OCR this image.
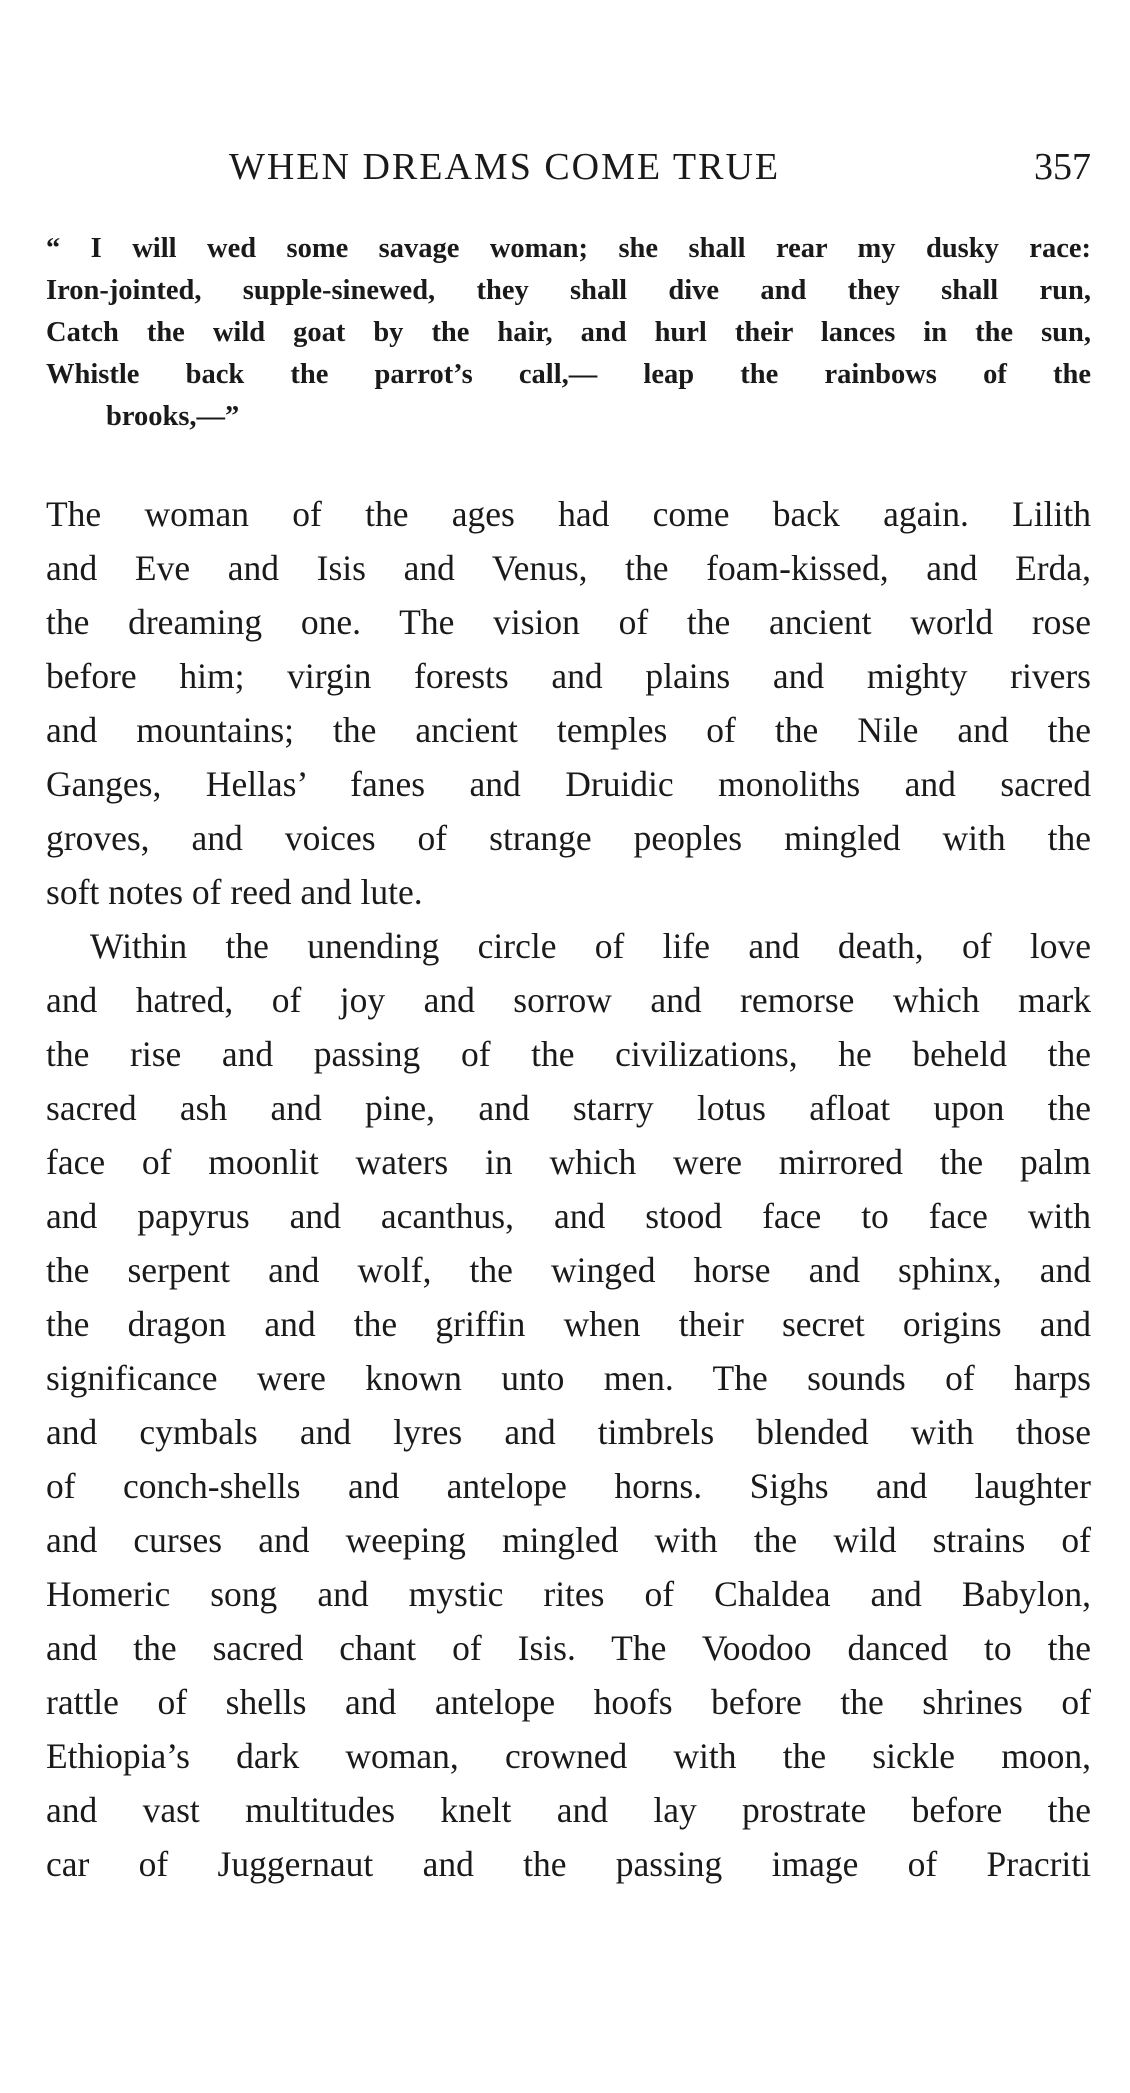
WHEN DREAMS COME TRUE	357
“ I will wed some savage woman; she shall rear my dusky race:
Iron-jointed, supple-sinewed, they shall dive and they shall run,
Catch the wild goat by the hair, and hurl their lances in the sun,
Whistle back the parrot’s call,— leap the rainbows of the
brooks,—”
The woman of the ages had come back again. Lilith
and Eve and Isis and Venus, the foam-kissed, and Erda,
the dreaming one. The vision of the ancient world rose
before him; virgin forests and plains and mighty rivers
and mountains; the ancient temples of the Nile and the
Ganges, Hellas’ fanes and Druidic monoliths and sacred
groves, and voices of strange peoples mingled with the
soft notes of reed and lute.
Within the unending circle of life and death, of love
and hatred, of joy and sorrow and remorse which mark
the rise and passing of the civilizations, he beheld the
sacred ash and pine, and starry lotus afloat upon the
face of moonlit waters in which were mirrored the palm
and papyrus and acanthus, and stood face to face with
the serpent and wolf, the winged horse and sphinx, and
the dragon and the griffin when their secret origins and
significance were known unto men. The sounds of harps
and cymbals and lyres and timbrels blended with those
of conch-shells and antelope horns. Sighs and laughter
and curses and weeping mingled with the wild strains of
Homeric song and mystic rites of Chaldea and Babylon,
and the sacred chant of Isis. The Voodoo danced to the
rattle of shells and antelope hoofs before the shrines of
Ethiopia’s dark woman, crowned with the sickle moon,
and vast multitudes knelt and lay prostrate before the
car of Juggernaut and the passing image of Pracriti
